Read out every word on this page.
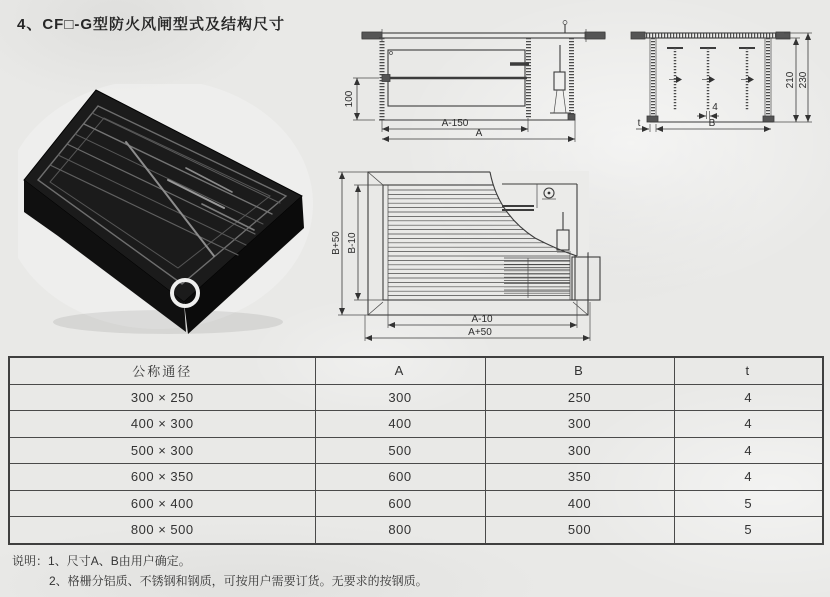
4、CF□-G型防火风闸型式及结构尺寸
100
A-150
A
210 230
4
B
t
B-10
B+50
A-10
A+50
公称通径	A	B	t
300 × 250	300	250	4
400 × 300	400	300	4
500 × 300	500	300	4
600 × 350	600	350	4
600 × 400	600	400	5
800 × 500	800	500	5
说明：1、尺寸A、B由用户确定。
2、格栅分铝质、不锈钢和钢质，可按用户需要订货。无要求的按钢质。
